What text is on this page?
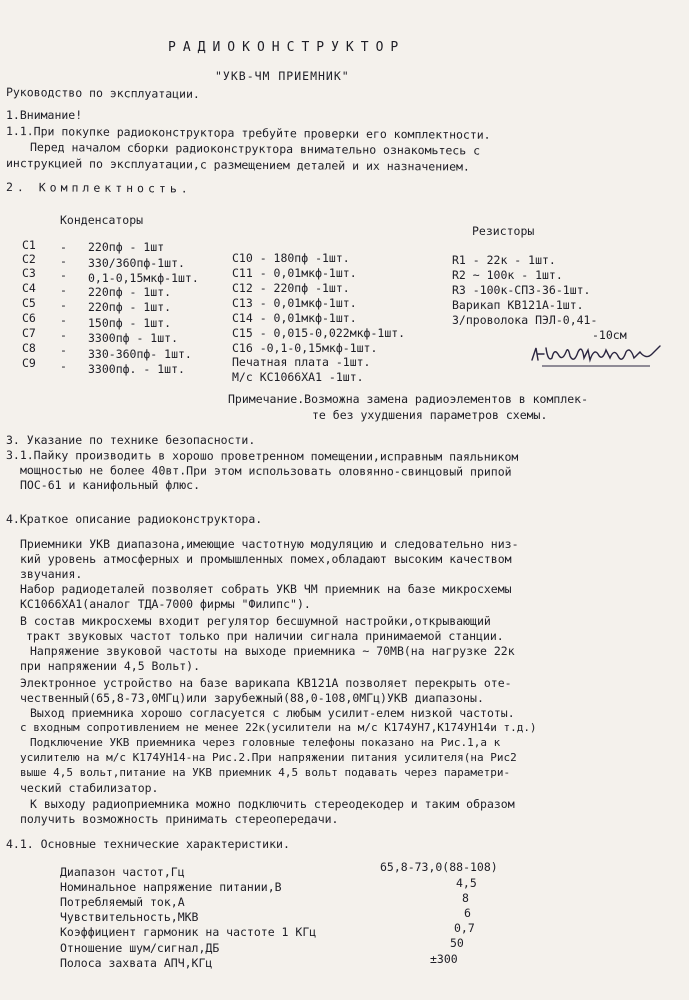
РАДИОКОНСТРУКТОР
"УКВ-ЧМ ПРИЕМНИК"
Руководство по эксплуатации.
1.Внимание!
1.1.При покупке радиоконструктора требуйте проверки его комплектности.
Перед началом сборки радиоконструктора внимательно ознакомьтесь с
инструкцией по эксплуатации,с размещением деталей и их назначением.
2. Комплектность.
Конденсаторы
Резисторы
C1 - 220пф - 1шт
C2 - 330/360пф-1шт.
C3 - 0,1-0,15мкф-1шт.
C4 - 220пф - 1шт.
C5 - 220пф - 1шт.
C6 - 150пф - 1шт.
C7 - 3300пф - 1шт.
C8 - 330-360пф- 1шт.
C9 - 3300пф. - 1шт.
C10 - 180пф -1шт.
C11 - 0,01мкф-1шт.
C12 - 220пф -1шт.
C13 - 0,01мкф-1шт.
C14 - 0,01мкф-1шт.
C15 - 0,015-0,022мкф-1шт.
C16 -0,1-0,15мкф-1шт.
Печатная плата -1шт.
М/с КС1066ХА1 -1шт.
R1 - 22к - 1шт.
R2 ~ 100к - 1шт.
R3 -100к-СП3-36-1шт.
Варикап КВ121А-1шт.
З/проволока ПЭЛ-0,41-
-10см
Примечание.Возможна замена радиоэлементов в комплек-
те без ухудшения параметров схемы.
3. Указание по технике безопасности.
3.1.Пайку производить в хорошо проветренном помещении,исправным паяльником
мощностью не более 40вт.При этом использовать оловянно-свинцовый припой
ПОС-61 и канифольный флюс.
4.Краткое описание радиоконструктора.
Приемники УКВ диапазона,имеющие частотную модуляцию и следовательно низ-
кий уровень атмосферных и промышленных помех,обладают высоким качеством
звучания.
Набор радиодеталей позволяет собрать УКВ ЧМ приемник на базе микросхемы
КС1066ХА1(аналог ТДА-7000 фирмы "Филипс").
В состав микросхемы входит регулятор бесшумной настройки,открывающий
тракт звуковых частот только при наличии сигнала принимаемой станции.
Напряжение звуковой частоты на выходе приемника ~ 70МВ(на нагрузке 22к
при напряжении 4,5 Вольт).
Электронное устройство на базе варикапа КВ121А позволяет перекрыть оте-
чественный(65,8-73,0МГц)или зарубежный(88,0-108,0МГц)УКВ диапазоны.
Выход приемника хорошо согласуется с любым усилит-елем низкой частоты.
с входным сопротивлением не менее 22к(усилители на м/с К174УН7,К174УН14и т.д.)
Подключение УКВ приемника через головные телефоны показано на Рис.1,а к
усилителю на м/с К174УН14-на Рис.2.При напряжении питания усилителя(на Рис2
выше 4,5 вольт,питание на УКВ приемник 4,5 вольт подавать через параметри-
ческий стабилизатор.
К выходу радиоприемника можно подключить стереодекодер и таким образом
получить возможность принимать стереопередачи.
4.1. Основные технические характеристики.
Диапазон частот,Гц	65,8-73,0(88-108)
Номинальное напряжение питании,В	4,5
Потребляемый ток,А	8
Чувствительность,МКВ	6
Коэффициент гармоник на частоте 1 КГц	0,7
Отношение шум/сигнал,ДБ	50
Полоса захвата АПЧ,КГц	±300
